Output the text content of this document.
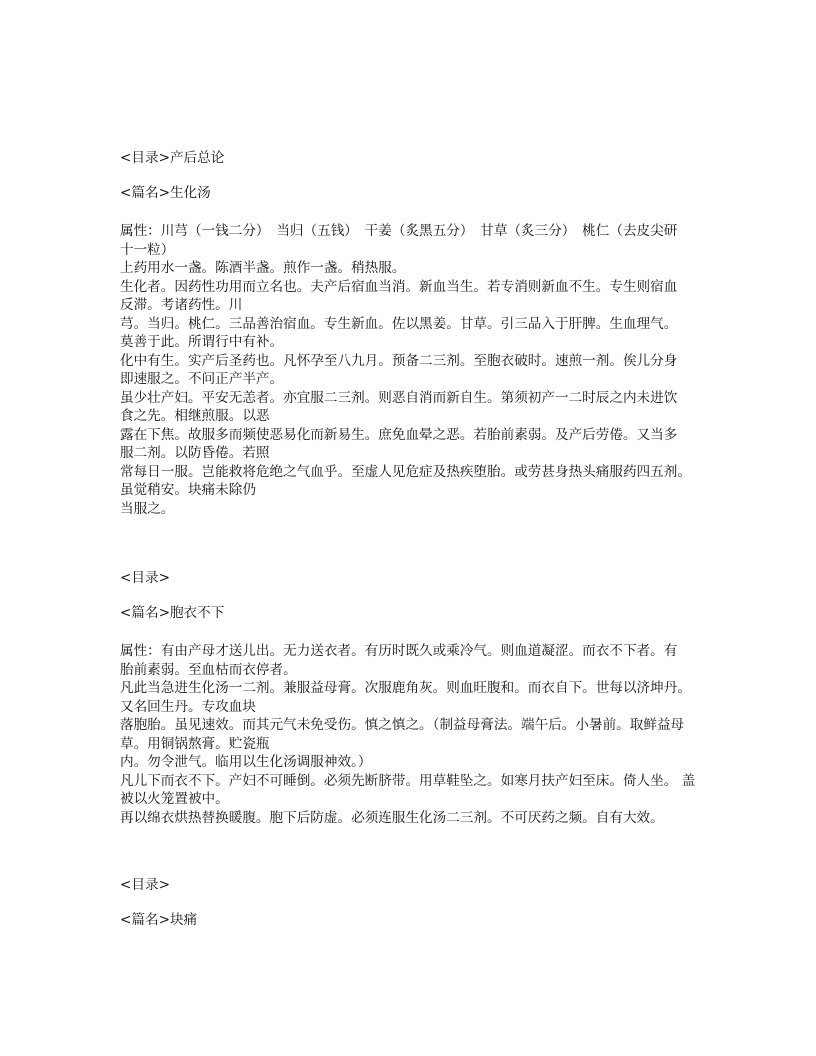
<目录>产后总论
<篇名>生化汤
属性：川芎（一钱二分）　当归（五钱）　干姜（炙黑五分）　甘草（炙三分）　桃仁（去皮尖研
十一粒）
上药用水一盏。陈酒半盏。煎作一盏。稍热服。
生化者。因药性功用而立名也。夫产后宿血当消。新血当生。若专消则新血不生。专生则宿血
反滞。考诸药性。川
芎。当归。桃仁。三品善治宿血。专生新血。佐以黑姜。甘草。引三品入于肝脾。生血理气。
莫善于此。所谓行中有补。
化中有生。实产后圣药也。凡怀孕至八九月。预备二三剂。至胞衣破时。速煎一剂。俟儿分身
即速服之。不问正产半产。
虽少壮产妇。平安无恙者。亦宜服二三剂。则恶自消而新自生。第须初产一二时辰之内未进饮
食之先。相继煎服。以恶
露在下焦。故服多而频使恶易化而新易生。庶免血晕之恶。若胎前素弱。及产后劳倦。又当多
服二剂。以防昏倦。若照
常每日一服。岂能救将危绝之气血乎。至虚人见危症及热疾堕胎。或劳甚身热头痛服药四五剂。
虽觉稍安。块痛未除仍
当服之。
<目录>
<篇名>胞衣不下
属性：有由产母才送儿出。无力送衣者。有历时既久或乘冷气。则血道凝涩。而衣不下者。有
胎前素弱。至血枯而衣停者。
凡此当急进生化汤一二剂。兼服益母膏。次服鹿角灰。则血旺腹和。而衣自下。世每以济坤丹。
又名回生丹。专攻血块
落胞胎。虽见速效。而其元气未免受伤。慎之慎之。（制益母膏法。端午后。小暑前。取鲜益母
草。用铜锅熬膏。贮瓷瓶
内。勿令泄气。临用以生化汤调服神效。）
凡儿下而衣不下。产妇不可睡倒。必须先断脐带。用草鞋坠之。如寒月扶产妇至床。倚人坐。 盖
被以火笼置被中。
再以绵衣烘热替换暖腹。胞下后防虚。必须连服生化汤二三剂。不可厌药之频。自有大效。
<目录>
<篇名>块痛
